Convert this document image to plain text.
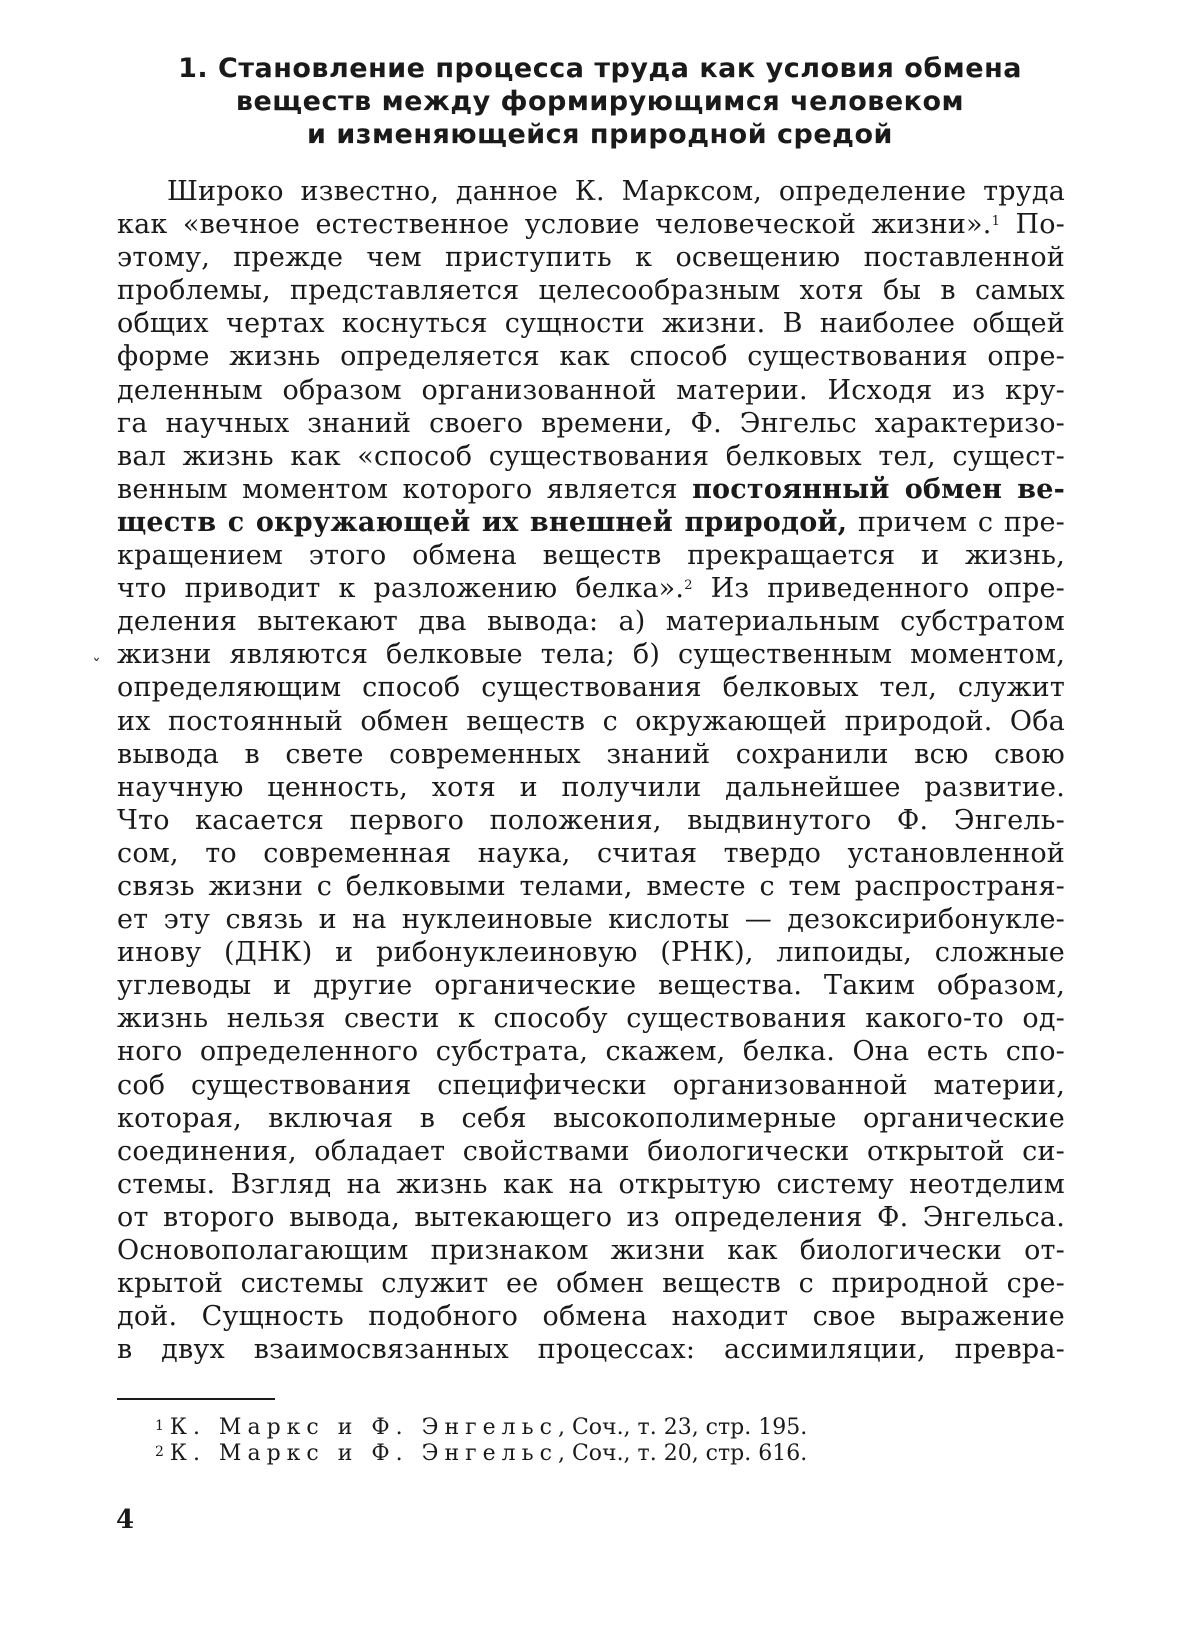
1. Становление процесса труда как условия обмена
веществ между формирующимся человеком
и изменяющейся природной средой
Широко известно, данное К. Марксом, определение труда
как «вечное естественное условие человеческой жизни».$^1$ По-
этому, прежде чем приступить к освещению поставленной
проблемы, представляется целесообразным хотя бы в самых
общих чертах коснуться сущности жизни. В наиболее общей
форме жизнь определяется как способ существования опре-
деленным образом организованной материи. Исходя из кру-
га научных знаний своего времени, Ф. Энгельс характеризо-
вал жизнь как «способ существования белковых тел, сущест-
венным моментом которого является постоянный обмен ве-
ществ с окружающей их внешней природой, причем с пре-
кращением этого обмена веществ прекращается и жизнь,
что приводит к разложению белка».$^2$ Из приведенного опре-
деления вытекают два вывода: а) материальным субстратом
жизни являются белковые тела; б) существенным моментом,
определяющим способ существования белковых тел, служит
их постоянный обмен веществ с окружающей природой. Оба
вывода в свете современных знаний сохранили всю свою
научную ценность, хотя и получили дальнейшее развитие.
Что касается первого положения, выдвинутого Ф. Энгель-
сом, то современная наука, считая твердо установленной
связь жизни с белковыми телами, вместе с тем распространя-
ет эту связь и на нуклеиновые кислоты — дезоксирибонукле-
инову (ДНК) и рибонуклеиновую (РНК), липоиды, сложные
углеводы и другие органические вещества. Таким образом,
жизнь нельзя свести к способу существования какого-то од-
ного определенного субстрата, скажем, белка. Она есть спо-
соб существования специфически организованной материи,
которая, включая в себя высокополимерные органические
соединения, обладает свойствами биологически открытой си-
стемы. Взгляд на жизнь как на открытую систему неотделим
от второго вывода, вытекающего из определения Ф. Энгельса.
Основополагающим признаком жизни как биологически от-
крытой системы служит ее обмен веществ с природной сре-
дой. Сущность подобного обмена находит свое выражение
в двух взаимосвязанных процессах: ассимиляции, превра-
ˇ
$^1$ К. Маркс и Ф. Энгельс, Соч., т. 23, стр. 195.
$^2$ К. Маркс и Ф. Энгельс, Соч., т. 20, стр. 616.
4
